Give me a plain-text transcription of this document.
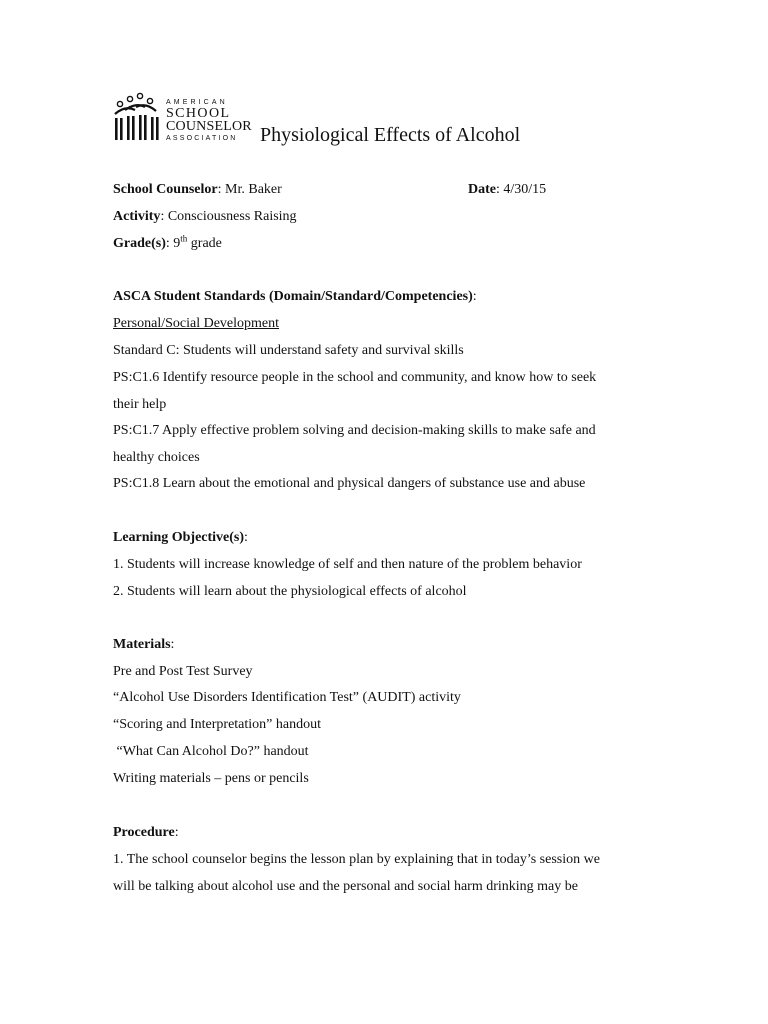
AMERICAN
SCHOOL
COUNSELOR
ASSOCIATION	Physiological Effects of Alcohol
School Counselor: Mr. Baker	Date: 4/30/15
Activity: Consciousness Raising
Grade(s): 9th grade
ASCA Student Standards (Domain/Standard/Competencies):
Personal/Social Development
Standard C: Students will understand safety and survival skills
PS:C1.6 Identify resource people in the school and community, and know how to seek
their help
PS:C1.7 Apply effective problem solving and decision-making skills to make safe and
healthy choices
PS:C1.8 Learn about the emotional and physical dangers of substance use and abuse
Learning Objective(s):
1. Students will increase knowledge of self and then nature of the problem behavior
2. Students will learn about the physiological effects of alcohol
Materials:
Pre and Post Test Survey
“Alcohol Use Disorders Identification Test” (AUDIT) activity
“Scoring and Interpretation” handout
“What Can Alcohol Do?” handout
Writing materials – pens or pencils
Procedure:
1. The school counselor begins the lesson plan by explaining that in today’s session we
will be talking about alcohol use and the personal and social harm drinking may be
